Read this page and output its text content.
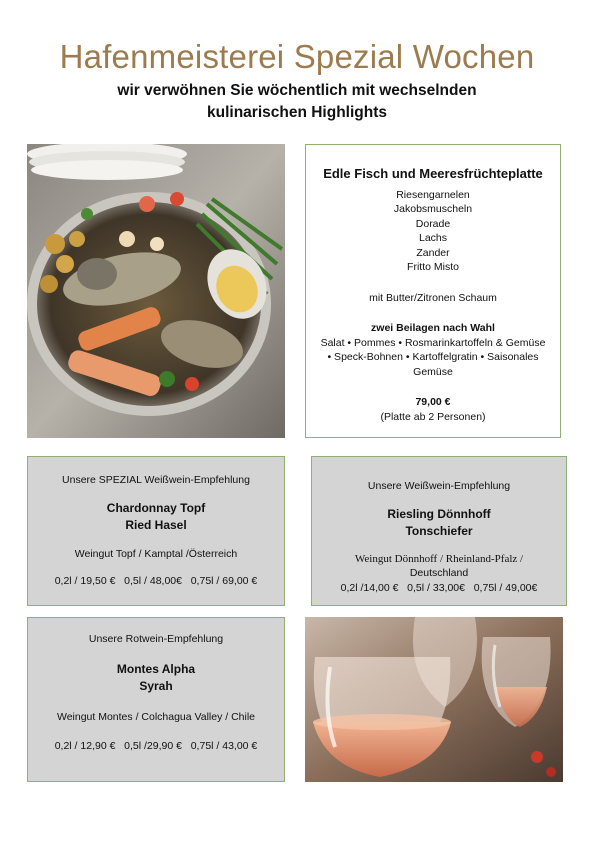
Hafenmeisterei Spezial Wochen
wir verwöhnen Sie wöchentlich mit wechselnden
kulinarischen Highlights
Edle Fisch und Meeresfrüchteplatte
Riesengarnelen
Jakobsmuscheln
Dorade
Lachs
Zander
Fritto Misto
mit Butter/Zitronen Schaum
zwei Beilagen nach Wahl
Salat • Pommes • Rosmarinkartoffeln & Gemüse
• Speck-Bohnen • Kartoffelgratin • Saisonales
Gemüse
79,00 €
(Platte ab 2 Personen)
Unsere SPEZIAL Weißwein-Empfehlung
Chardonnay Topf
Ried Hasel
Weingut Topf / Kamptal /Österreich
0,2l / 19,50 €   0,5l / 48,00€   0,75l / 69,00 €
Unsere Weißwein-Empfehlung
Riesling Dönnhoff
Tonschiefer
Weingut Dönnhoff / Rheinland-Pfalz /
Deutschland
0,2l /14,00 €   0,5l / 33,00€   0,75l / 49,00€
Unsere Rotwein-Empfehlung
Montes Alpha
Syrah
Weingut Montes / Colchagua Valley / Chile
0,2l / 12,90 €   0,5l /29,90 €   0,75l / 43,00 €
